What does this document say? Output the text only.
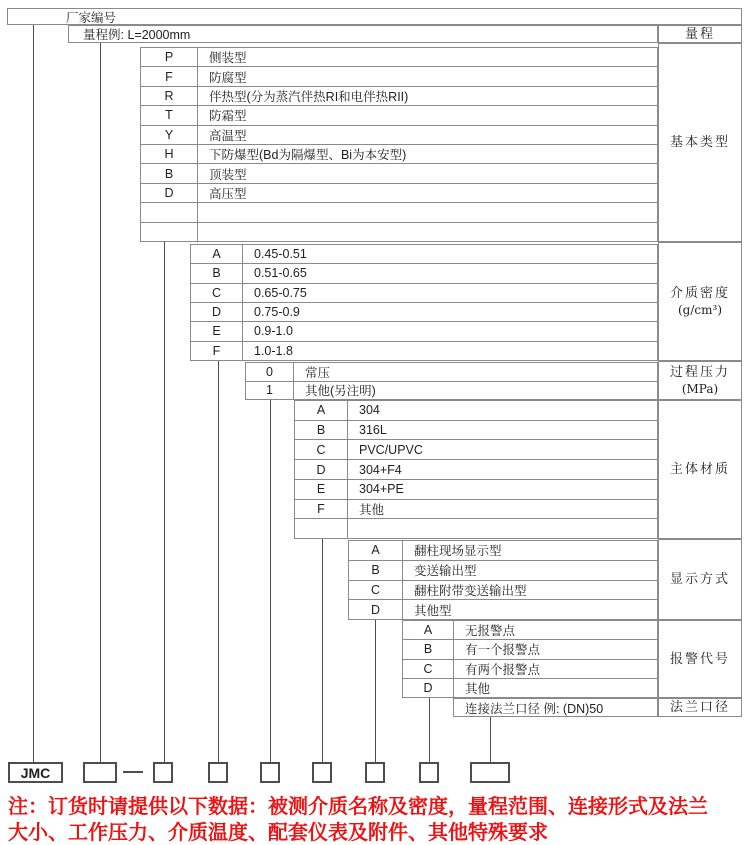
厂家编号
量程例: L=2000mm	量程
基本类型
介质密度
(g/cm³)
过程压力
(MPa)
主体材质
显示方式
报警代号
法兰口径
P	侧装型
F	防腐型
R	伴热型(分为蒸汽伴热RI和电伴热RII)
T	防霜型
Y	高温型
H	下防爆型(Bd为隔爆型、Bi为本安型)
B	顶装型
D	高压型
A	0.45-0.51
B	0.51-0.65
C	0.65-0.75
D	0.75-0.9
E	0.9-1.0
F	1.0-1.8
0	常压
1	其他(另注明)
A	304
B	316L
C	PVC/UPVC
D	304+F4
E	304+PE
F	其他
A	翻柱现场显示型
B	变送输出型
C	翻柱附带变送输出型
D	其他型
A	无报警点
B	有一个报警点
C	有两个报警点
D	其他
连接法兰口径 例: (DN)50
JMC
注：订货时请提供以下数据：被测介质名称及密度，量程范围、连接形式及法兰
大小、工作压力、介质温度、配套仪表及附件、其他特殊要求
